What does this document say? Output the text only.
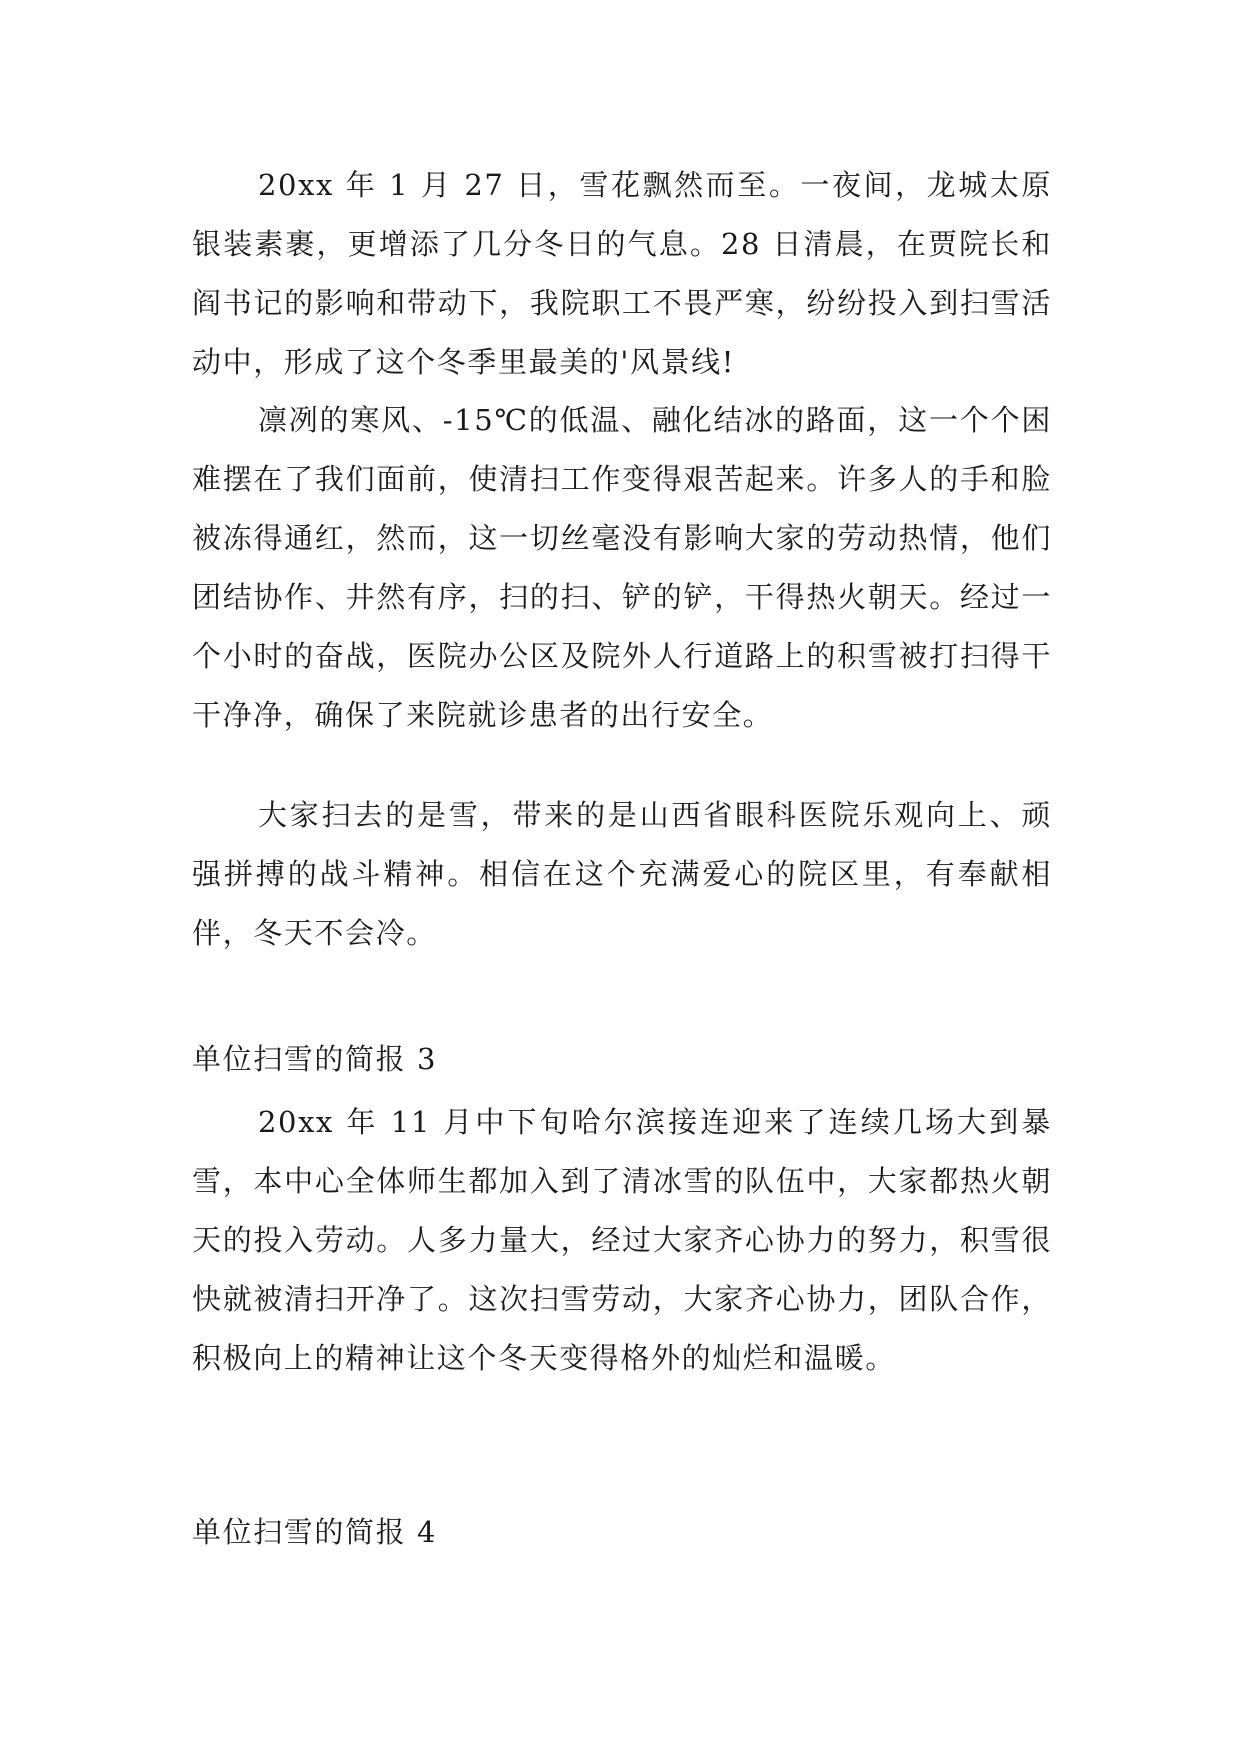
20xx 年 1 月 27 日，雪花飘然而至。一夜间，龙城太原银装素裹，更增添了几分冬日的气息。28 日清晨，在贾院长和阎书记的影响和带动下，我院职工不畏严寒，纷纷投入到扫雪活动中，形成了这个冬季里最美的'风景线!

凛冽的寒风、-15℃的低温、融化结冰的路面，这一个个困难摆在了我们面前，使清扫工作变得艰苦起来。许多人的手和脸被冻得通红，然而，这一切丝毫没有影响大家的劳动热情，他们团结协作、井然有序，扫的扫、铲的铲，干得热火朝天。经过一个小时的奋战，医院办公区及院外人行道路上的积雪被打扫得干干净净，确保了来院就诊患者的出行安全。

大家扫去的是雪，带来的是山西省眼科医院乐观向上、顽强拼搏的战斗精神。相信在这个充满爱心的院区里，有奉献相伴，冬天不会冷。

单位扫雪的简报 3

20xx 年 11 月中下旬哈尔滨接连迎来了连续几场大到暴雪，本中心全体师生都加入到了清冰雪的队伍中，大家都热火朝天的投入劳动。人多力量大，经过大家齐心协力的努力，积雪很快就被清扫开净了。这次扫雪劳动，大家齐心协力，团队合作，积极向上的精神让这个冬天变得格外的灿烂和温暖。

单位扫雪的简报 4
